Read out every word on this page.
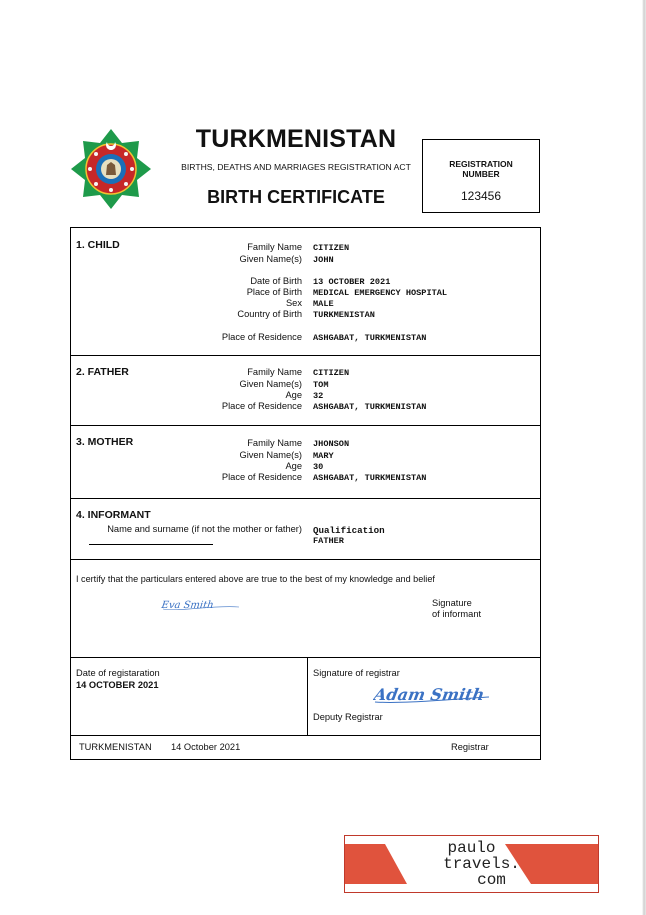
TURKMENISTAN
BIRTHS, DEATHS AND MARRIAGES REGISTRATION ACT
BIRTH CERTIFICATE
REGISTRATION
NUMBER
123456
1. CHILD	Family Name CITIZEN
Given Name(s) JOHN
Date of Birth 13 OCTOBER 2021
Place of Birth MEDICAL EMERGENCY HOSPITAL
Sex MALE
Country of Birth TURKMENISTAN
Place of Residence ASHGABAT, TURKMENISTAN
2. FATHER	Family Name CITIZEN
Given Name(s) TOM
Age 32
Place of Residence ASHGABAT, TURKMENISTAN
3. MOTHER	Family Name JHONSON
Given Name(s) MARY
Age 30
Place of Residence ASHGABAT, TURKMENISTAN
4. INFORMANT
Name and surname (if not the mother or father) Qualification
FATHER
I certify that the particulars entered above are true to the best of my knowledge and belief
Eva Smith	Signature
of informant
Date of registaration
14 OCTOBER 2021
Signature of registrar
Adam Smith
Deputy Registrar
TURKMENISTAN 14 October 2021	Registrar
paulo
travels.
com
